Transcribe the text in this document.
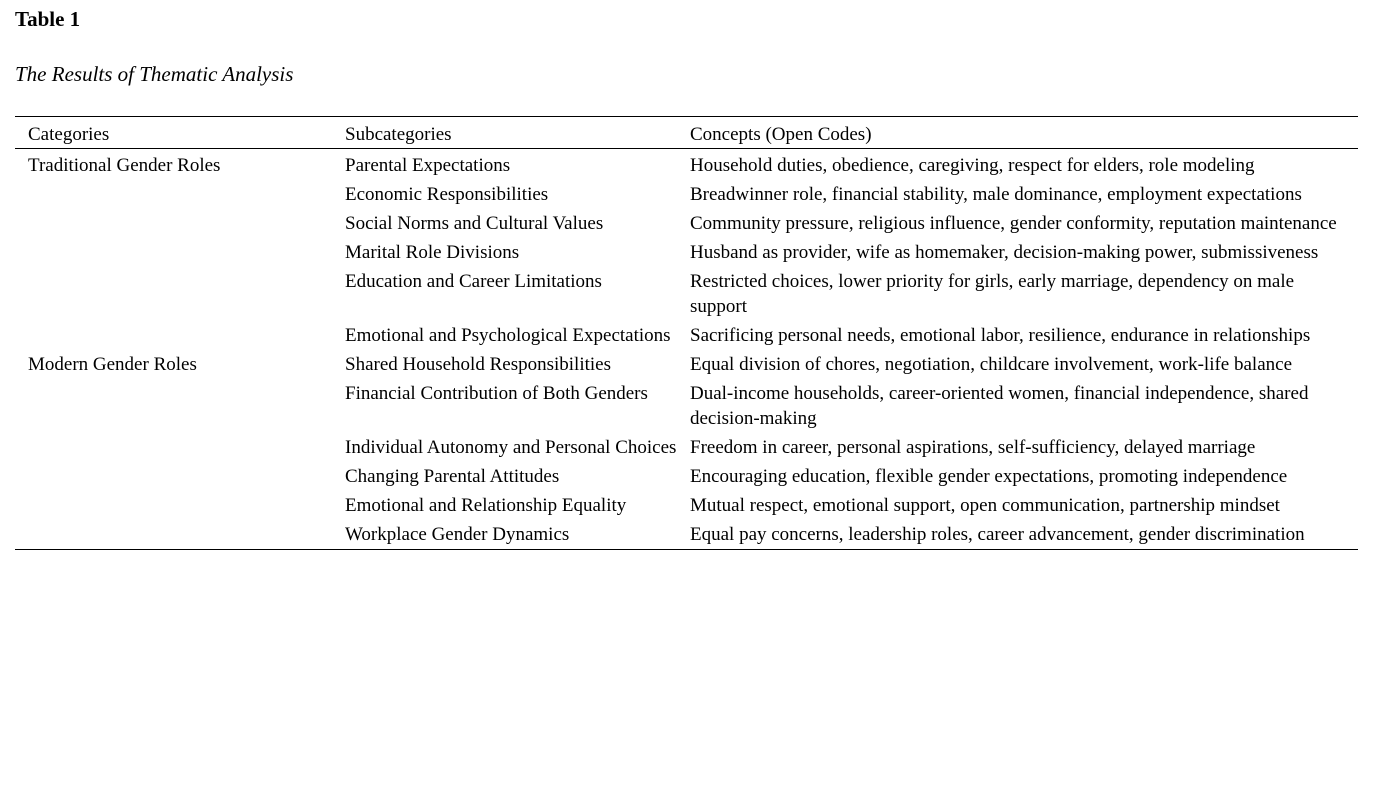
Table 1

The Results of Thematic Analysis

Categories	Subcategories	Concepts (Open Codes)
Traditional Gender Roles	Parental Expectations	Household duties, obedience, caregiving, respect for elders, role modeling
	Economic Responsibilities	Breadwinner role, financial stability, male dominance, employment expectations
	Social Norms and Cultural Values	Community pressure, religious influence, gender conformity, reputation maintenance
	Marital Role Divisions	Husband as provider, wife as homemaker, decision-making power, submissiveness
	Education and Career Limitations	Restricted choices, lower priority for girls, early marriage, dependency on male support
	Emotional and Psychological Expectations	Sacrificing personal needs, emotional labor, resilience, endurance in relationships
Modern Gender Roles	Shared Household Responsibilities	Equal division of chores, negotiation, childcare involvement, work-life balance
	Financial Contribution of Both Genders	Dual-income households, career-oriented women, financial independence, shared decision-making
	Individual Autonomy and Personal Choices	Freedom in career, personal aspirations, self-sufficiency, delayed marriage
	Changing Parental Attitudes	Encouraging education, flexible gender expectations, promoting independence
	Emotional and Relationship Equality	Mutual respect, emotional support, open communication, partnership mindset
	Workplace Gender Dynamics	Equal pay concerns, leadership roles, career advancement, gender discrimination
